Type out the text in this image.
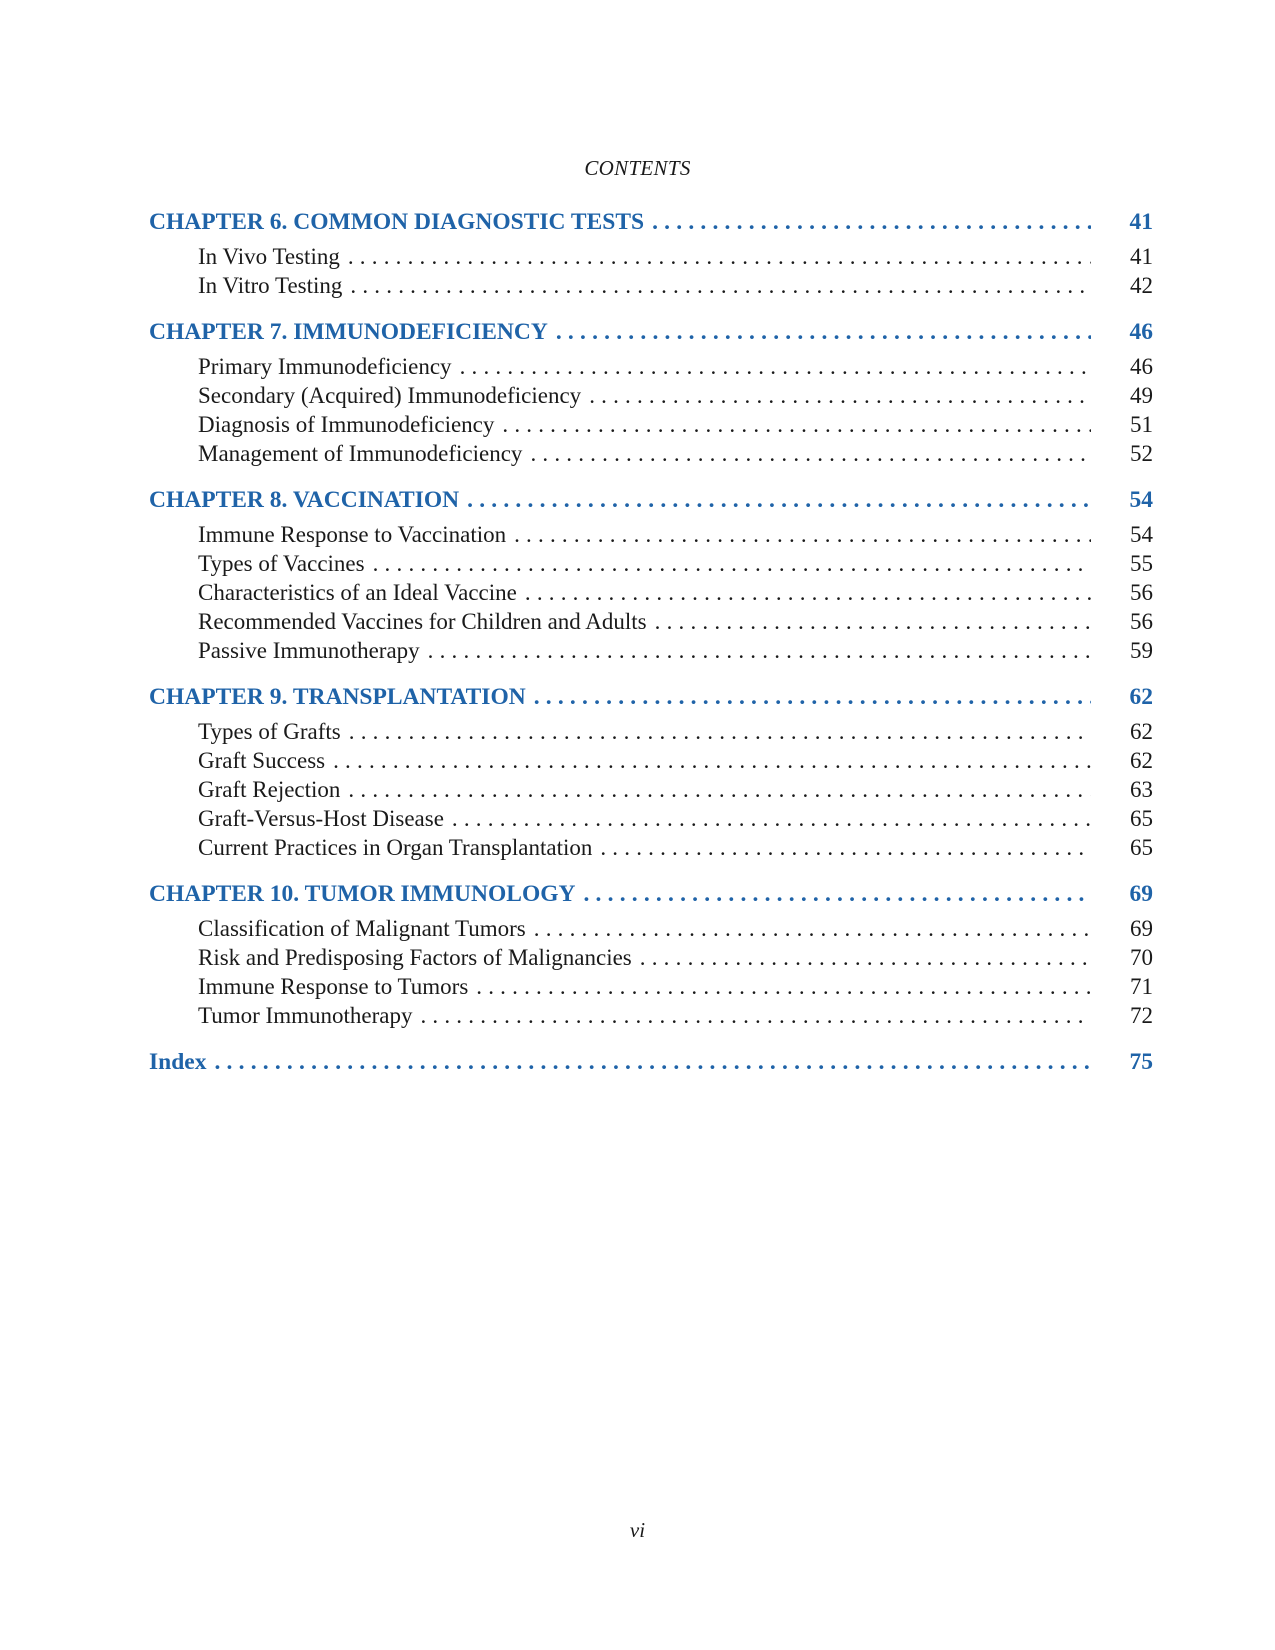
CONTENTS
CHAPTER 6. COMMON DIAGNOSTIC TESTS .....	41
In Vivo Testing .....	41
In Vitro Testing .....	42
CHAPTER 7. IMMUNODEFICIENCY .....	46
Primary Immunodeficiency .....	46
Secondary (Acquired) Immunodeficiency .....	49
Diagnosis of Immunodeficiency .....	51
Management of Immunodeficiency .....	52
CHAPTER 8. VACCINATION .....	54
Immune Response to Vaccination .....	54
Types of Vaccines .....	55
Characteristics of an Ideal Vaccine .....	56
Recommended Vaccines for Children and Adults .....	56
Passive Immunotherapy .....	59
CHAPTER 9. TRANSPLANTATION .....	62
Types of Grafts .....	62
Graft Success .....	62
Graft Rejection .....	63
Graft-Versus-Host Disease .....	65
Current Practices in Organ Transplantation .....	65
CHAPTER 10. TUMOR IMMUNOLOGY .....	69
Classification of Malignant Tumors .....	69
Risk and Predisposing Factors of Malignancies .....	70
Immune Response to Tumors .....	71
Tumor Immunotherapy .....	72
Index .....	75
vi
